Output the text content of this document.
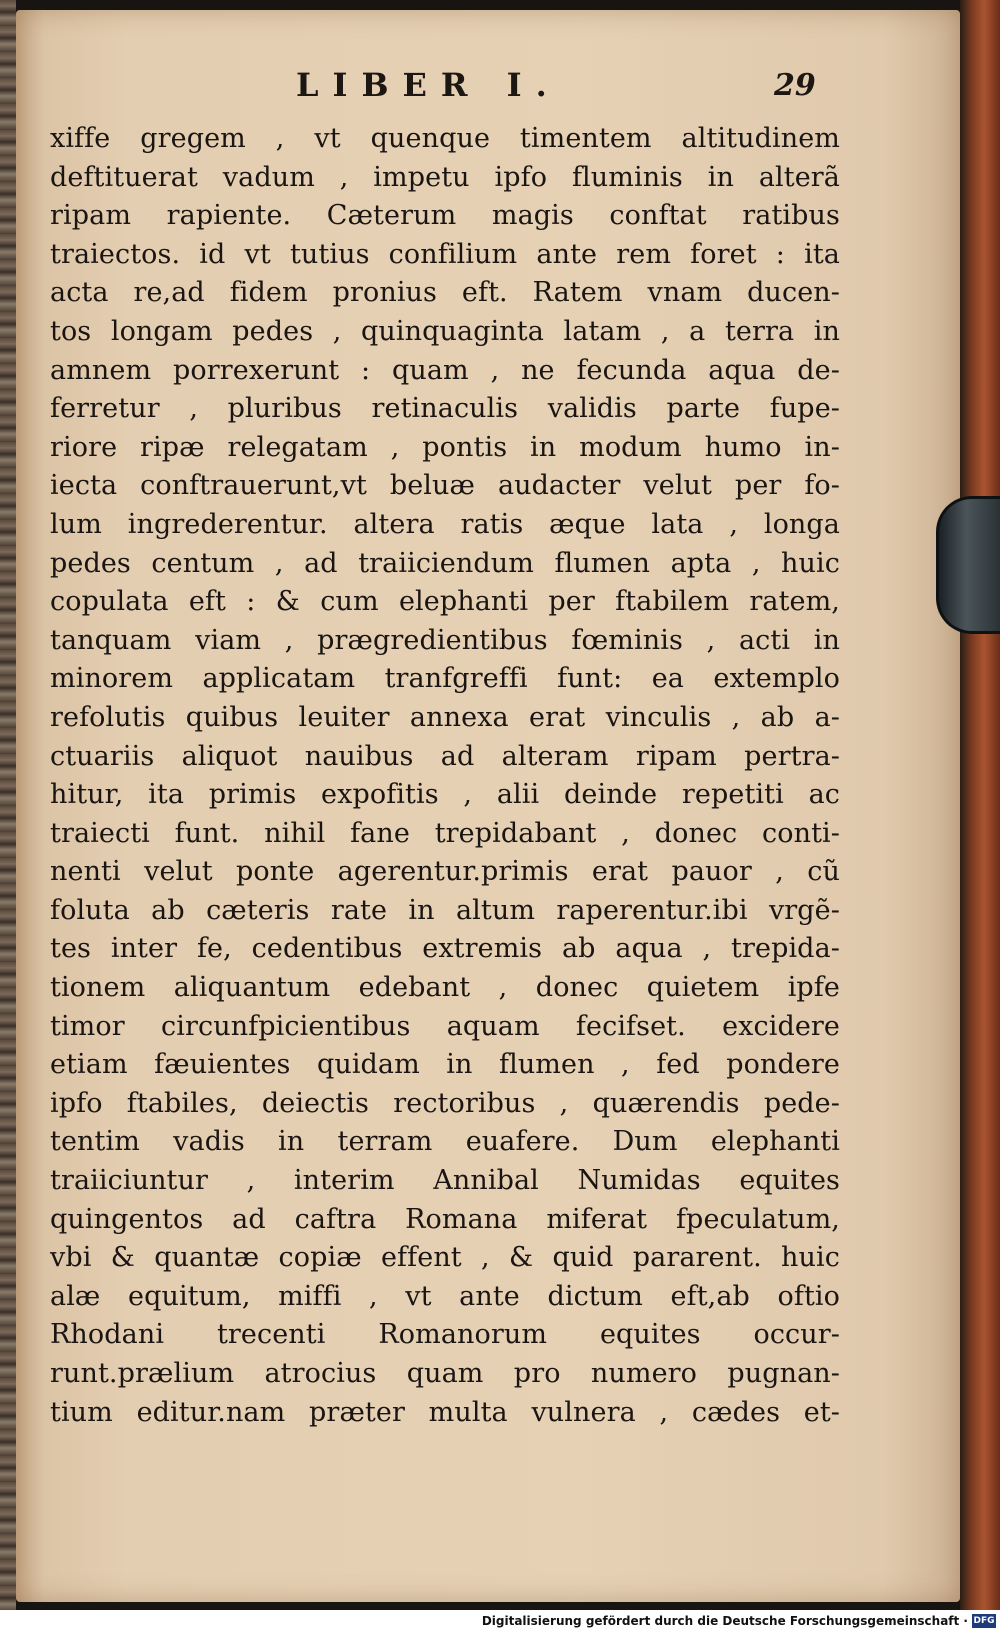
LIBER I.	29
xiffe gregem , vt quenque timentem altitudinem
deftituerat vadum , impetu ipfo fluminis in alterã
ripam rapiente. Cæterum magis conftat ratibus
traiectos. id vt tutius confilium ante rem foret : ita
acta re,ad fidem pronius eft. Ratem vnam ducen-
tos longam pedes , quinquaginta latam , a terra in
amnem porrexerunt : quam , ne fecunda aqua de-
ferretur , pluribus retinaculis validis parte fupe-
riore ripæ relegatam , pontis in modum humo in-
iecta conftrauerunt,vt beluæ audacter velut per fo-
lum ingrederentur. altera ratis æque lata , longa
pedes centum , ad traiiciendum flumen apta , huic
copulata eft : & cum elephanti per ftabilem ratem,
tanquam viam , prægredientibus fœminis , acti in
minorem applicatam tranfgreffi funt: ea extemplo
refolutis quibus leuiter annexa erat vinculis , ab a-
ctuariis aliquot nauibus ad alteram ripam pertra-
hitur, ita primis expofitis , alii deinde repetiti ac
traiecti funt. nihil fane trepidabant , donec conti-
nenti velut ponte agerentur.primis erat pauor , cũ
foluta ab cæteris rate in altum raperentur.ibi vrgẽ-
tes inter fe, cedentibus extremis ab aqua , trepida-
tionem aliquantum edebant , donec quietem ipfe
timor circunfpicientibus aquam fecifset. excidere
etiam fæuientes quidam in flumen , fed pondere
ipfo ftabiles, deiectis rectoribus , quærendis pede-
tentim vadis in terram euafere. Dum elephanti
traiiciuntur , interim Annibal Numidas equites
quingentos ad caftra Romana miferat fpeculatum,
vbi & quantæ copiæ effent , & quid pararent. huic
alæ equitum, miffi , vt ante dictum eft,ab oftio
Rhodani trecenti Romanorum equites occur-
runt.prælium atrocius quam pro numero pugnan-
tium editur.nam præter multa vulnera , cædes et-
Digitalisierung gefördert durch die Deutsche Forschungsgemeinschaft · DFG
